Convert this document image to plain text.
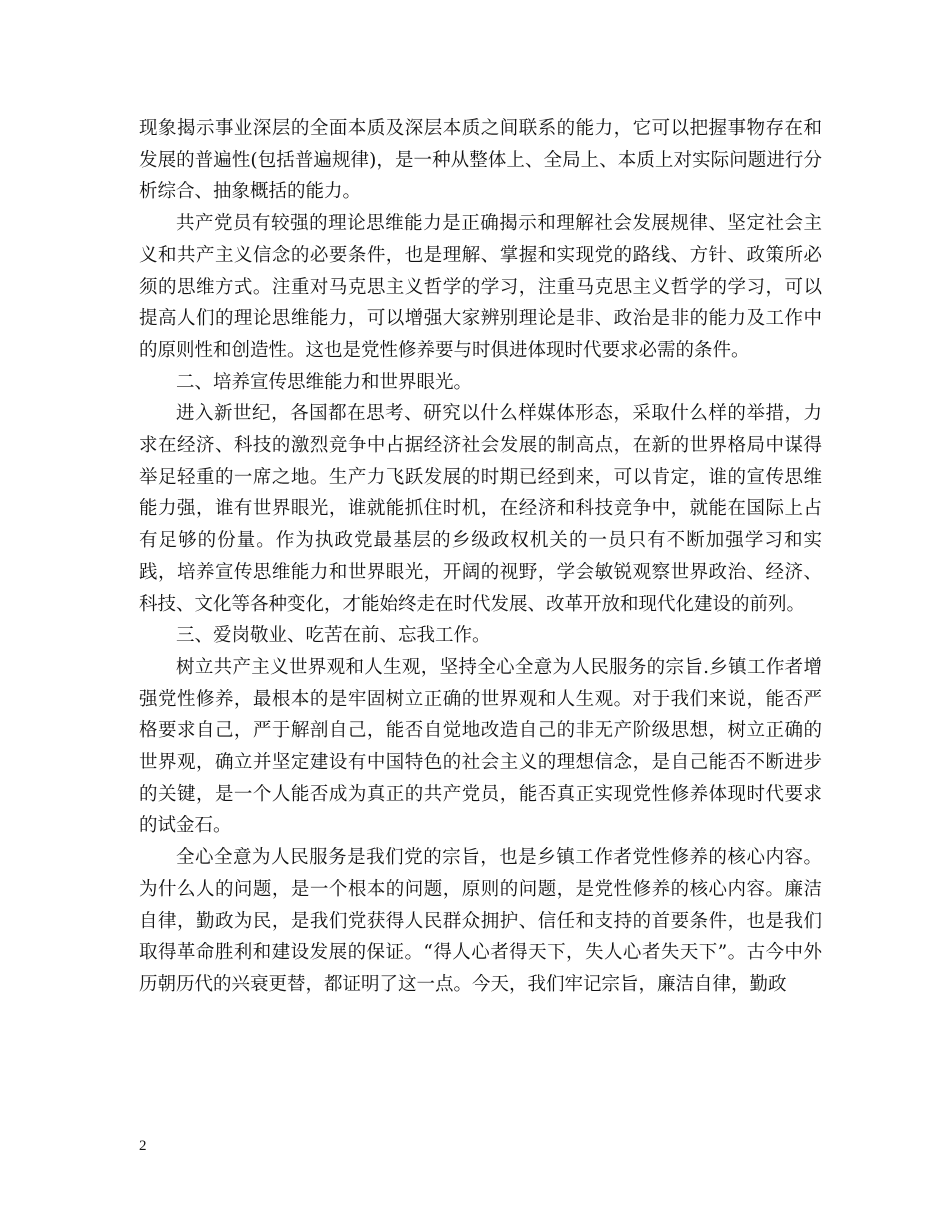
现象揭示事业深层的全面本质及深层本质之间联系的能力，它可以把握事物存在和发展的普遍性(包括普遍规律)，是一种从整体上、全局上、本质上对实际问题进行分析综合、抽象概括的能力。

共产党员有较强的理论思维能力是正确揭示和理解社会发展规律、坚定社会主义和共产主义信念的必要条件，也是理解、掌握和实现党的路线、方针、政策所必须的思维方式。注重对马克思主义哲学的学习，注重马克思主义哲学的学习，可以提高人们的理论思维能力，可以增强大家辨别理论是非、政治是非的能力及工作中的原则性和创造性。这也是党性修养要与时俱进体现时代要求必需的条件。

二、培养宣传思维能力和世界眼光。

进入新世纪，各国都在思考、研究以什么样媒体形态，采取什么样的举措，力求在经济、科技的激烈竞争中占据经济社会发展的制高点，在新的世界格局中谋得举足轻重的一席之地。生产力飞跃发展的时期已经到来，可以肯定，谁的宣传思维能力强，谁有世界眼光，谁就能抓住时机，在经济和科技竞争中，就能在国际上占有足够的份量。作为执政党最基层的乡级政权机关的一员只有不断加强学习和实践，培养宣传思维能力和世界眼光，开阔的视野，学会敏锐观察世界政治、经济、科技、文化等各种变化，才能始终走在时代发展、改革开放和现代化建设的前列。

三、爱岗敬业、吃苦在前、忘我工作。

树立共产主义世界观和人生观，坚持全心全意为人民服务的宗旨.乡镇工作者增强党性修养，最根本的是牢固树立正确的世界观和人生观。对于我们来说，能否严格要求自己，严于解剖自己，能否自觉地改造自己的非无产阶级思想，树立正确的世界观，确立并坚定建设有中国特色的社会主义的理想信念，是自己能否不断进步的关键，是一个人能否成为真正的共产党员，能否真正实现党性修养体现时代要求的试金石。

全心全意为人民服务是我们党的宗旨，也是乡镇工作者党性修养的核心内容。为什么人的问题，是一个根本的问题，原则的问题，是党性修养的核心内容。廉洁自律，勤政为民，是我们党获得人民群众拥护、信任和支持的首要条件，也是我们取得革命胜利和建设发展的保证。“得人心者得天下，失人心者失天下”。古今中外历朝历代的兴衰更替，都证明了这一点。今天，我们牢记宗旨，廉洁自律，勤政

2
